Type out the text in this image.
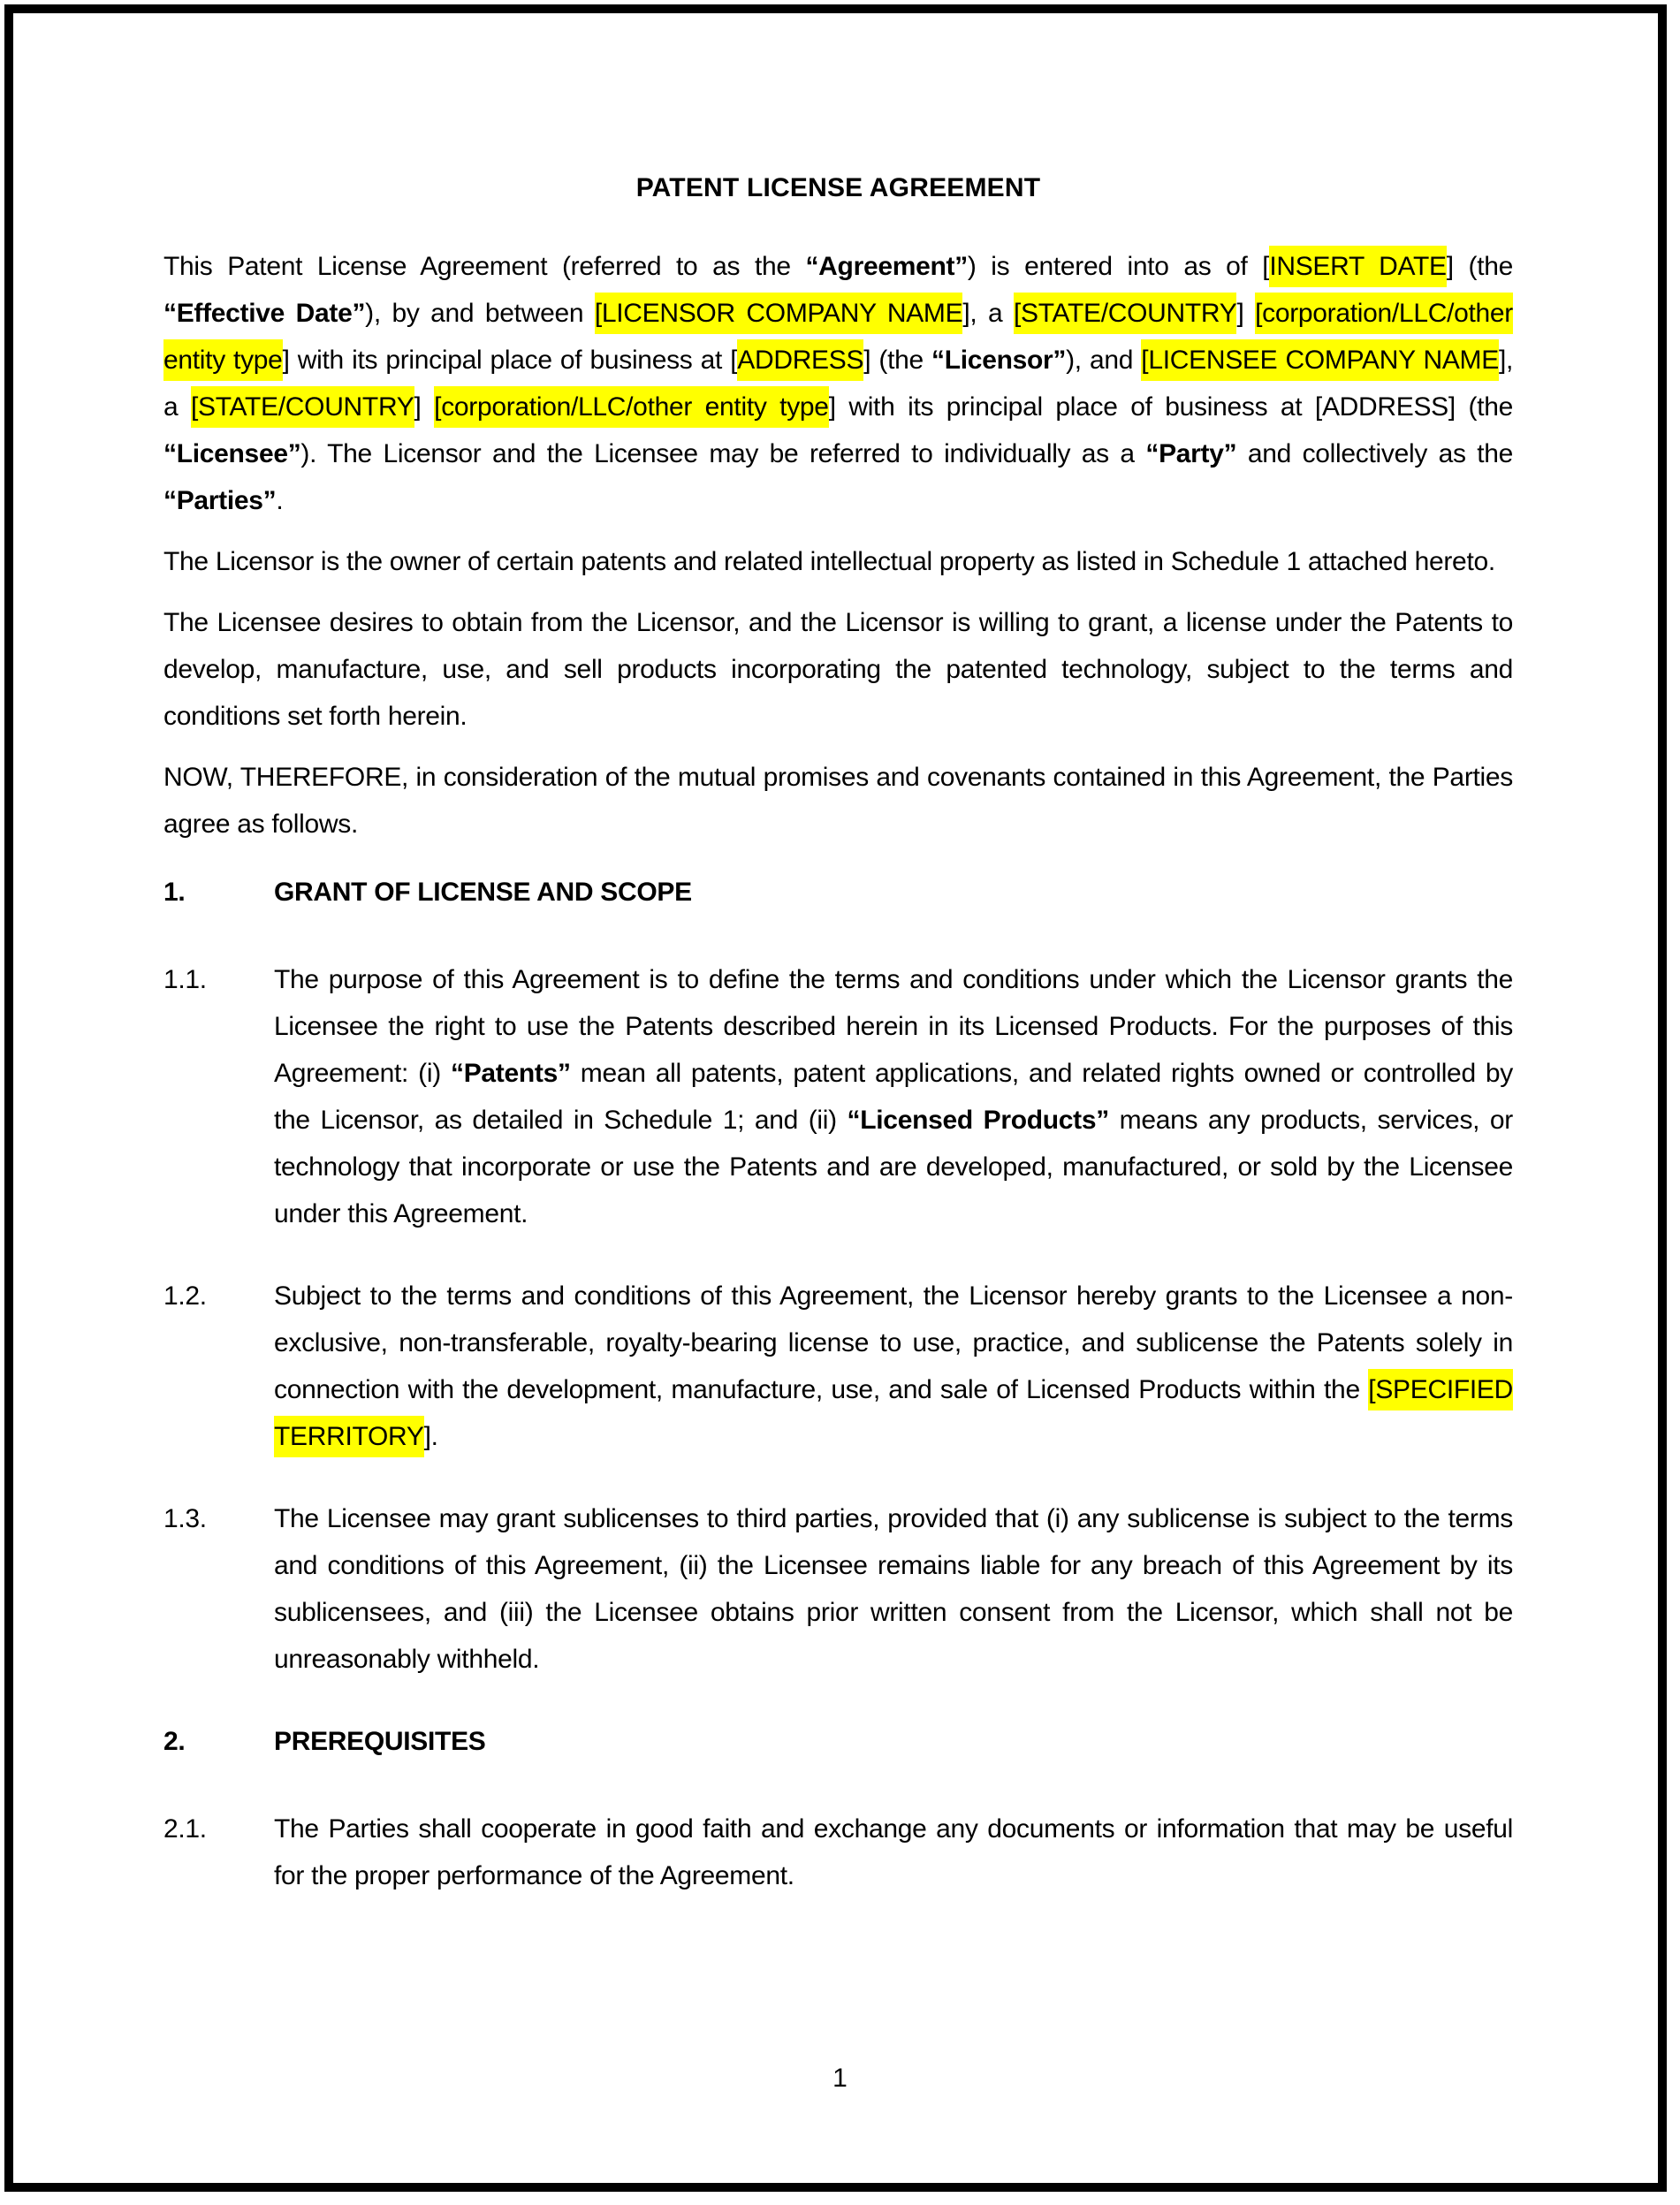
PATENT LICENSE AGREEMENT

This Patent License Agreement (referred to as the “Agreement”) is entered into as of [INSERT DATE] (the “Effective Date”), by and between [LICENSOR COMPANY NAME], a [STATE/COUNTRY] [corporation/LLC/other entity type] with its principal place of business at [ADDRESS] (the “Licensor”), and [LICENSEE COMPANY NAME], a [STATE/COUNTRY] [corporation/LLC/other entity type] with its principal place of business at [ADDRESS] (the “Licensee”). The Licensor and the Licensee may be referred to individually as a “Party” and collectively as the “Parties”.

The Licensor is the owner of certain patents and related intellectual property as listed in Schedule 1 attached hereto.

The Licensee desires to obtain from the Licensor, and the Licensor is willing to grant, a license under the Patents to develop, manufacture, use, and sell products incorporating the patented technology, subject to the terms and conditions set forth herein.

NOW, THEREFORE, in consideration of the mutual promises and covenants contained in this Agreement, the Parties agree as follows.

1.	GRANT OF LICENSE AND SCOPE
1.1.	The purpose of this Agreement is to define the terms and conditions under which the Licensor grants the Licensee the right to use the Patents described herein in its Licensed Products. For the purposes of this Agreement: (i) “Patents” mean all patents, patent applications, and related rights owned or controlled by the Licensor, as detailed in Schedule 1; and (ii) “Licensed Products” means any products, services, or technology that incorporate or use the Patents and are developed, manufactured, or sold by the Licensee under this Agreement.
1.2.	Subject to the terms and conditions of this Agreement, the Licensor hereby grants to the Licensee a non-exclusive, non-transferable, royalty-bearing license to use, practice, and sublicense the Patents solely in connection with the development, manufacture, use, and sale of Licensed Products within the [SPECIFIED TERRITORY].
1.3.	The Licensee may grant sublicenses to third parties, provided that (i) any sublicense is subject to the terms and conditions of this Agreement, (ii) the Licensee remains liable for any breach of this Agreement by its sublicensees, and (iii) the Licensee obtains prior written consent from the Licensor, which shall not be unreasonably withheld.
2.	PREREQUISITES
2.1.	The Parties shall cooperate in good faith and exchange any documents or information that may be useful for the proper performance of the Agreement.
1
